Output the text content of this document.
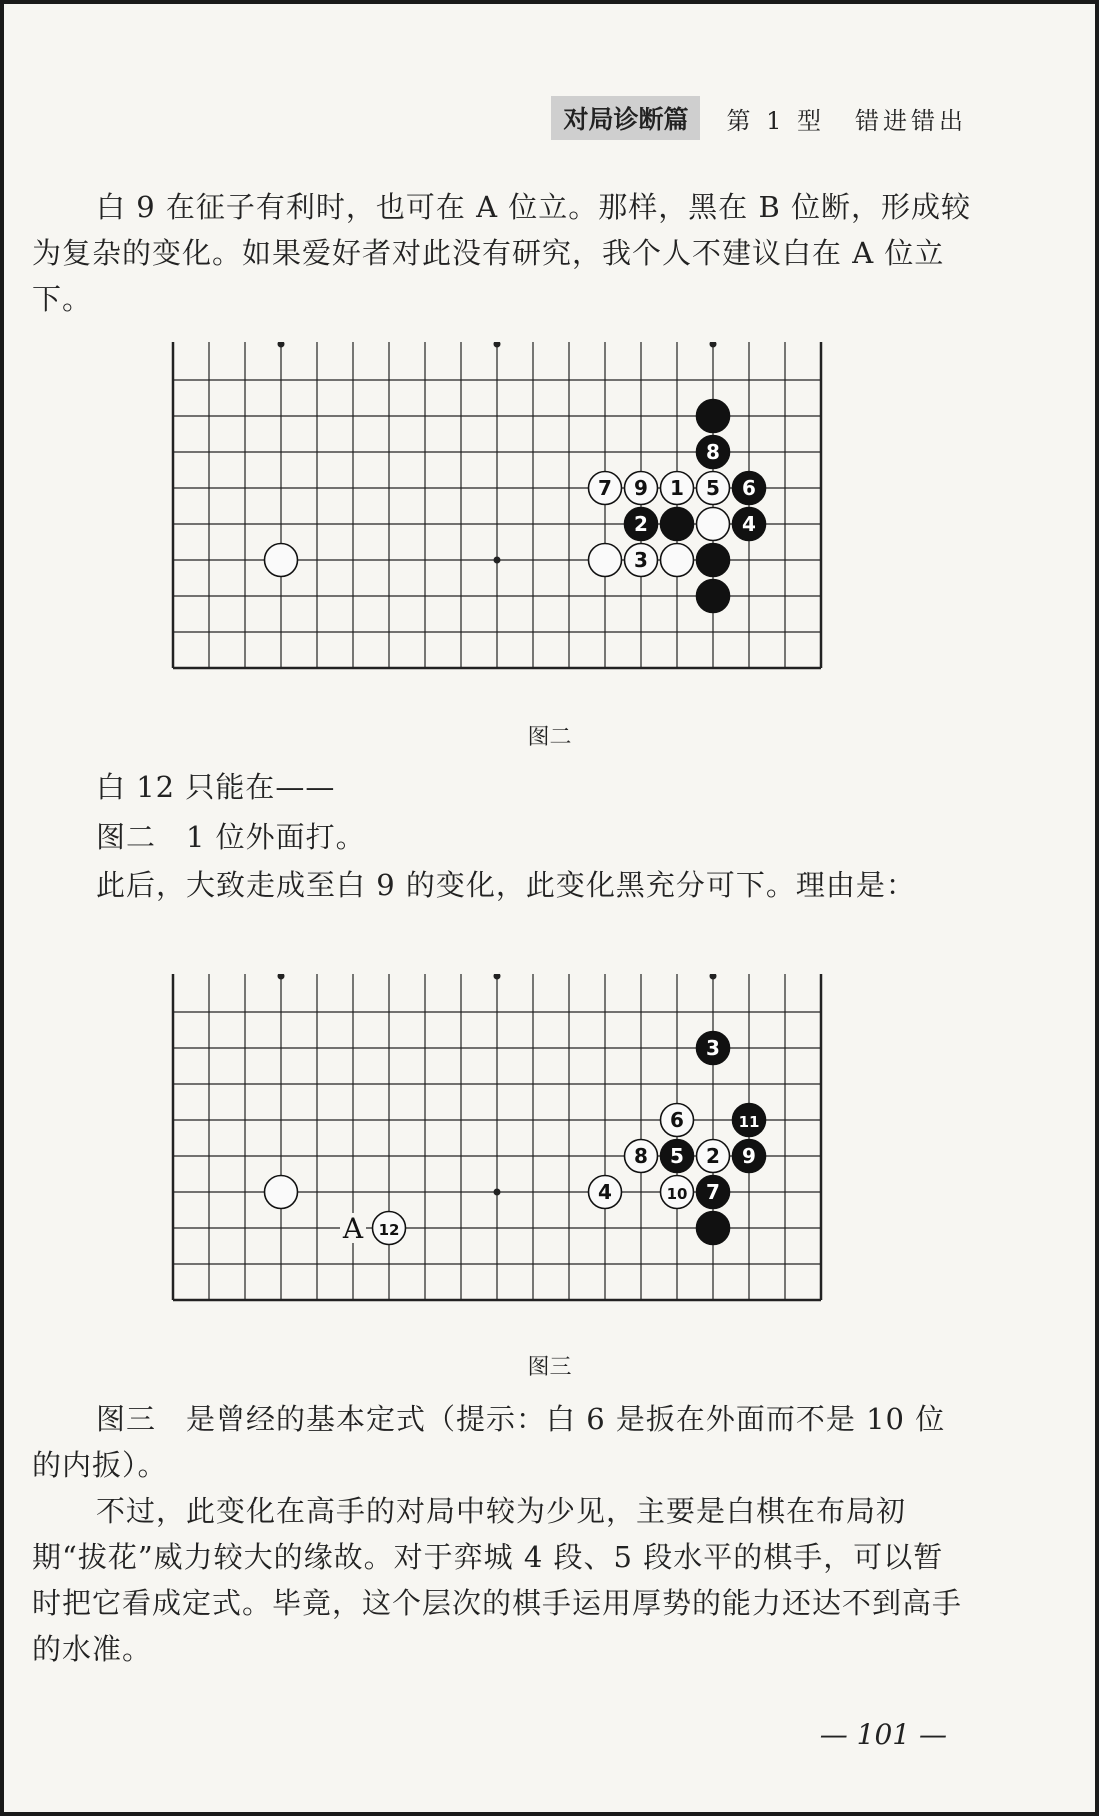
对局诊断篇	第 1 型 错进错出

白 9 在征子有利时，也可在 A 位立。那样，黑在 B 位断，形成较为复杂的变化。如果爱好者对此没有研究，我个人不建议白在 A 位立下。

8
7 9 1 5 6
2	4
3
图二

白 12 只能在——

图二　1 位外面打。

此后，大致走成至白 9 的变化，此变化黑充分可下。理由是：

3
6	11
8 5 2 9
4	10 7
12
A
图三

图三　是曾经的基本定式（提示：白 6 是扳在外面而不是 10 位的内扳）。

不过，此变化在高手的对局中较为少见，主要是白棋在布局初期“拔花”威力较大的缘故。对于弈城 4 段、5 段水平的棋手，可以暂时把它看成定式。毕竟，这个层次的棋手运用厚势的能力还达不到高手的水准。

— 101 —
